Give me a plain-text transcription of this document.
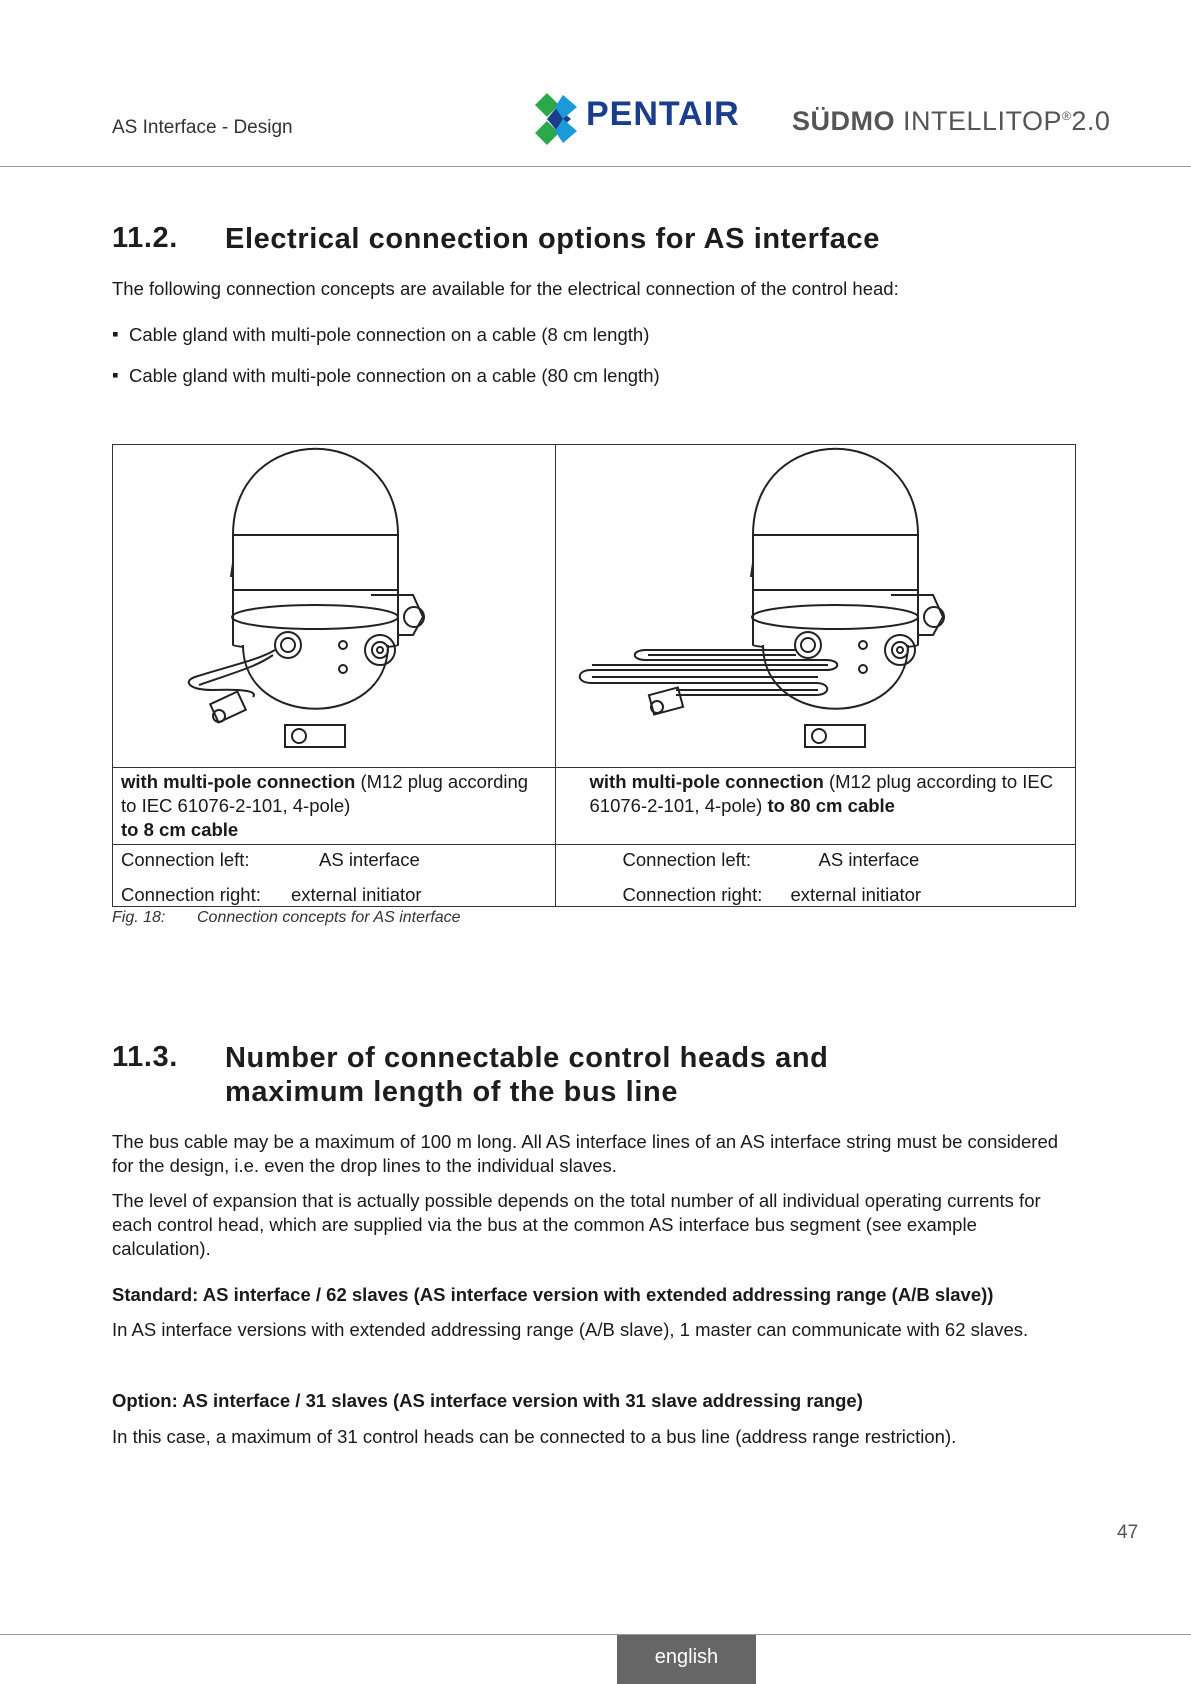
AS Interface - Design	PENTAIR SÜDMO INTELLITOP®2.0
11.2. Electrical connection options for AS interface
The following connection concepts are available for the electrical connection of the control head:
▪ Cable gland with multi-pole connection on a cable (8 cm length)
▪ Cable gland with multi-pole connection on a cable (80 cm length)

with multi-pole connection (M12 plug according to IEC 61076-2-101, 4-pole)
to 8 cm cable	with multi-pole connection (M12 plug according to IEC 61076-2-101, 4-pole) to 80 cm cable

Connection left: AS interface
Connection right: external initiator	Connection left: AS interface
Connection right: external initiator
Fig. 18: Connection concepts for AS interface
11.3. Number of connectable control heads and maximum length of the bus line
The bus cable may be a maximum of 100 m long. All AS interface lines of an AS interface string must be considered for the design, i.e. even the drop lines to the individual slaves.
The level of expansion that is actually possible depends on the total number of all individual operating currents for each control head, which are supplied via the bus at the common AS interface bus segment (see example calculation).
Standard: AS interface / 62 slaves (AS interface version with extended addressing range (A/B slave))
In AS interface versions with extended addressing range (A/B slave), 1 master can communicate with 62 slaves.
Option: AS interface / 31 slaves (AS interface version with 31 slave addressing range)
In this case, a maximum of 31 control heads can be connected to a bus line (address range restriction).
47
english
